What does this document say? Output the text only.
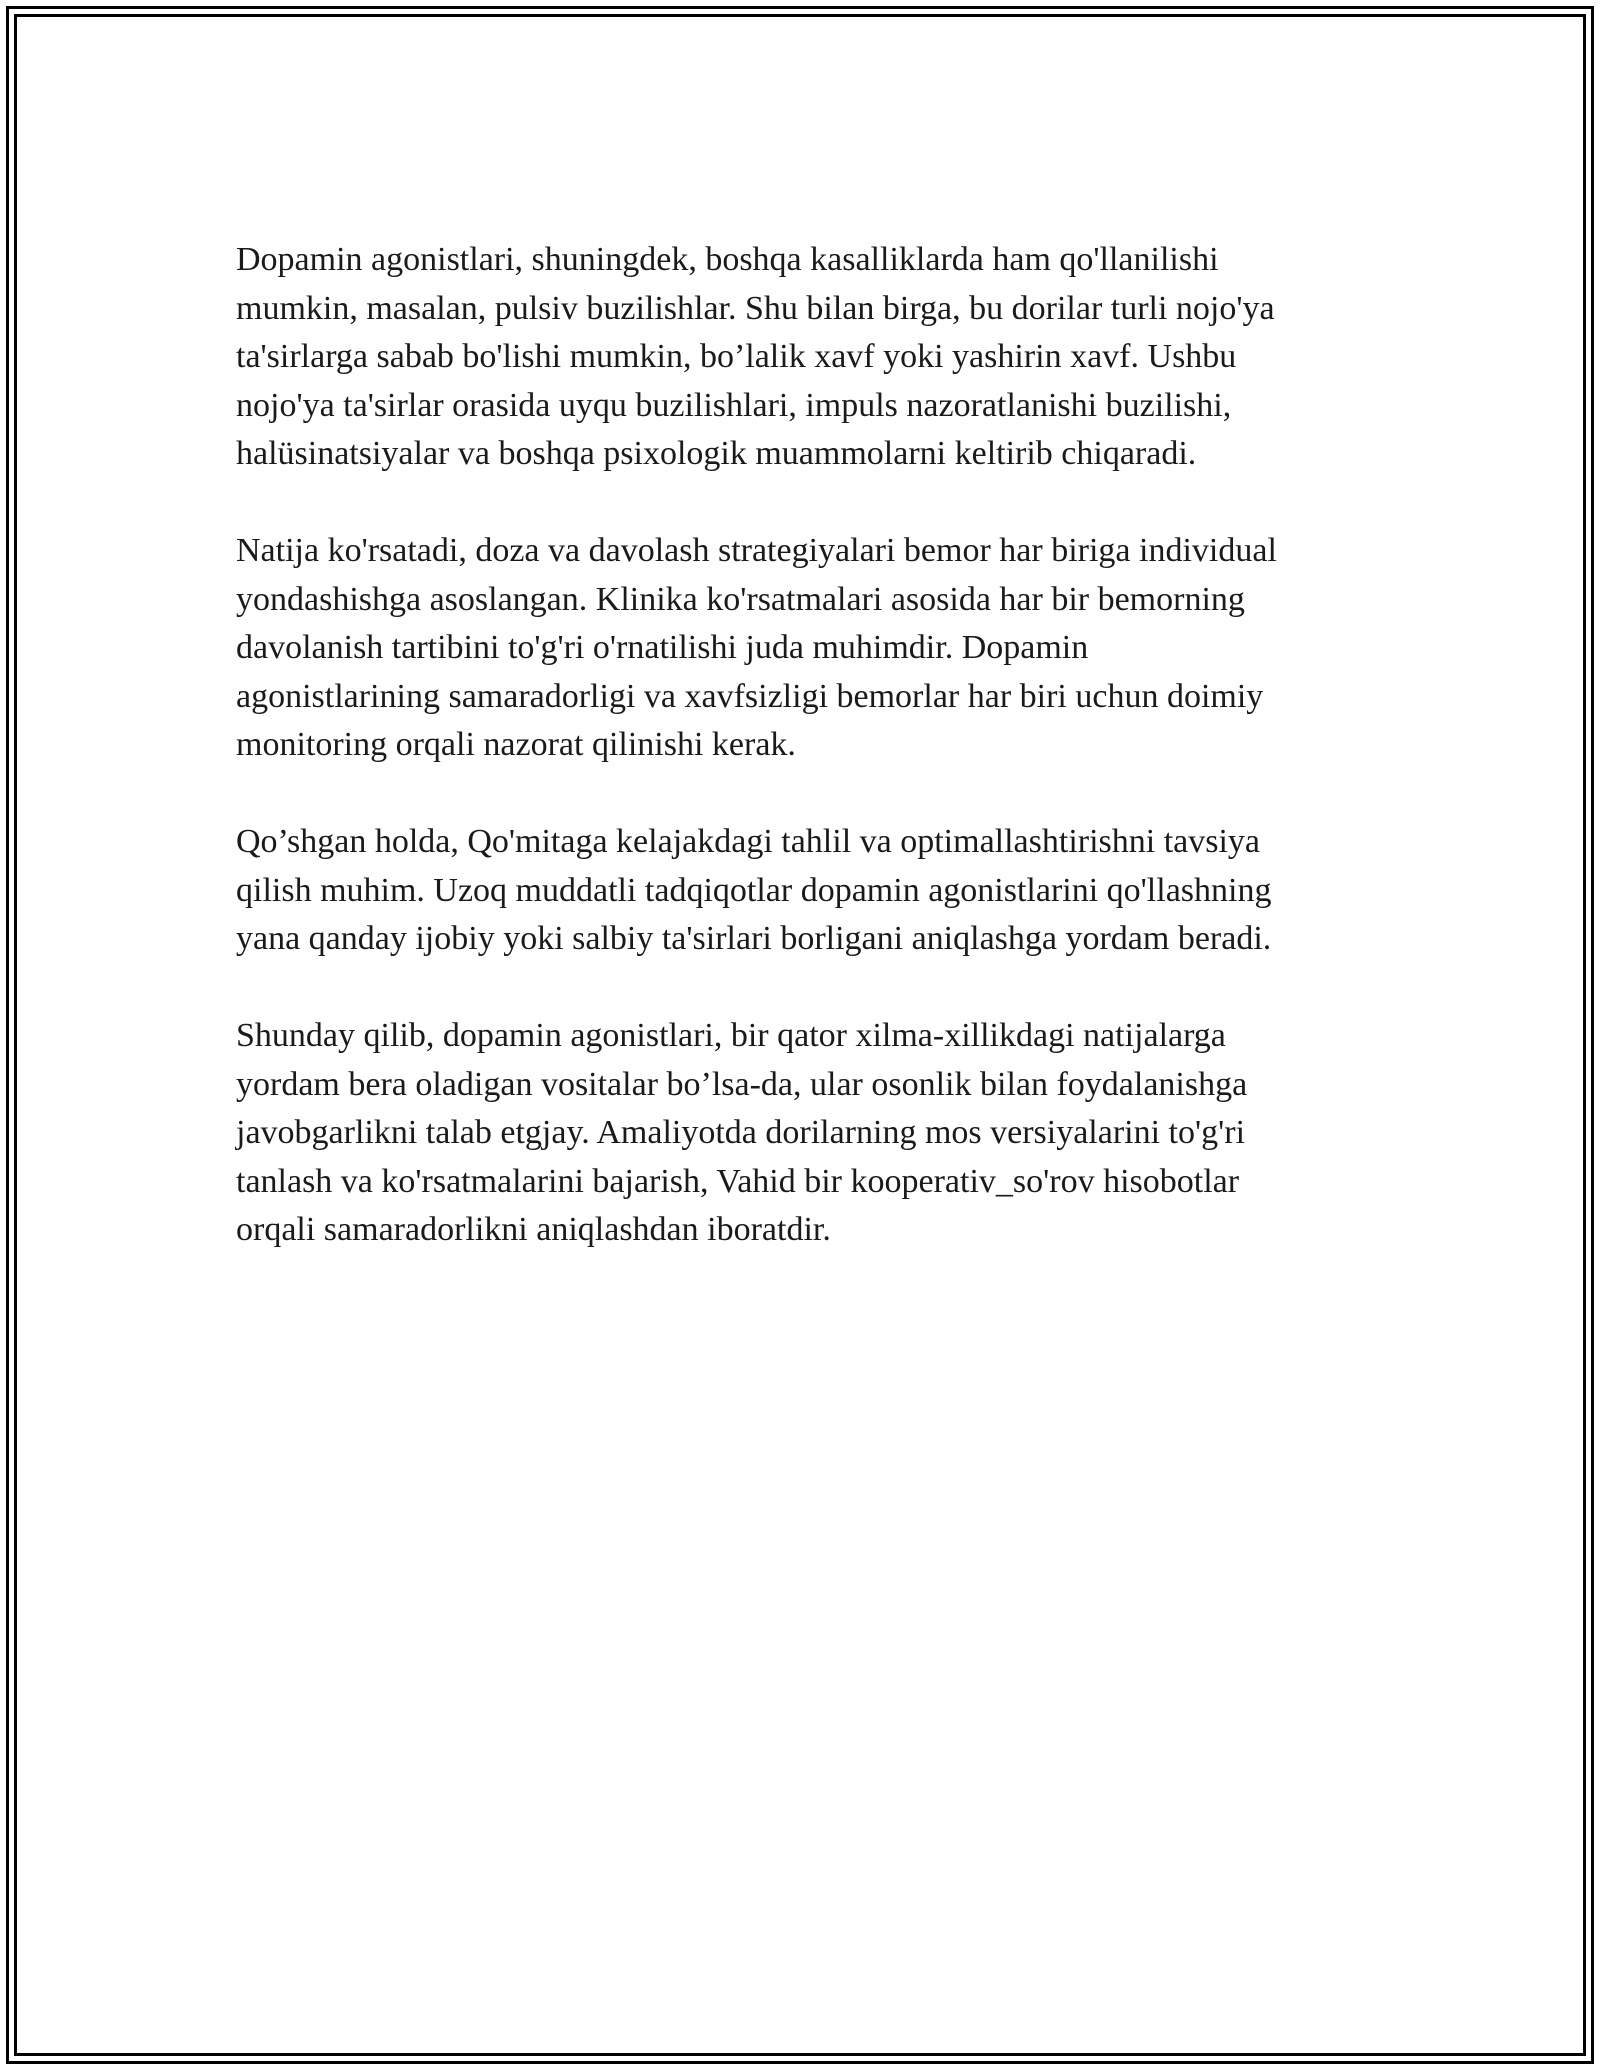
Dopamin agonistlari, shuningdek, boshqa kasalliklarda ham qo'llanilishi
mumkin, masalan, pulsiv buzilishlar. Shu bilan birga, bu dorilar turli nojo'ya
ta'sirlarga sabab bo'lishi mumkin, bo’lalik xavf yoki yashirin xavf. Ushbu
nojo'ya ta'sirlar orasida uyqu buzilishlari, impuls nazoratlanishi buzilishi,
halüsinatsiyalar va boshqa psixologik muammolarni keltirib chiqaradi.

Natija ko'rsatadi, doza va davolash strategiyalari bemor har biriga individual
yondashishga asoslangan. Klinika ko'rsatmalari asosida har bir bemorning
davolanish tartibini to'g'ri o'rnatilishi juda muhimdir. Dopamin
agonistlarining samaradorligi va xavfsizligi bemorlar har biri uchun doimiy
monitoring orqali nazorat qilinishi kerak.

Qo’shgan holda, Qo'mitaga kelajakdagi tahlil va optimallashtirishni tavsiya
qilish muhim. Uzoq muddatli tadqiqotlar dopamin agonistlarini qo'llashning
yana qanday ijobiy yoki salbiy ta'sirlari borligani aniqlashga yordam beradi.

Shunday qilib, dopamin agonistlari, bir qator xilma-xillikdagi natijalarga
yordam bera oladigan vositalar bo’lsa-da, ular osonlik bilan foydalanishga
javobgarlikni talab etgjay. Amaliyotda dorilarning mos versiyalarini to'g'ri
tanlash va ko'rsatmalarini bajarish, Vahid bir kooperativ_so'rov hisobotlar
orqali samaradorlikni aniqlashdan iboratdir.
